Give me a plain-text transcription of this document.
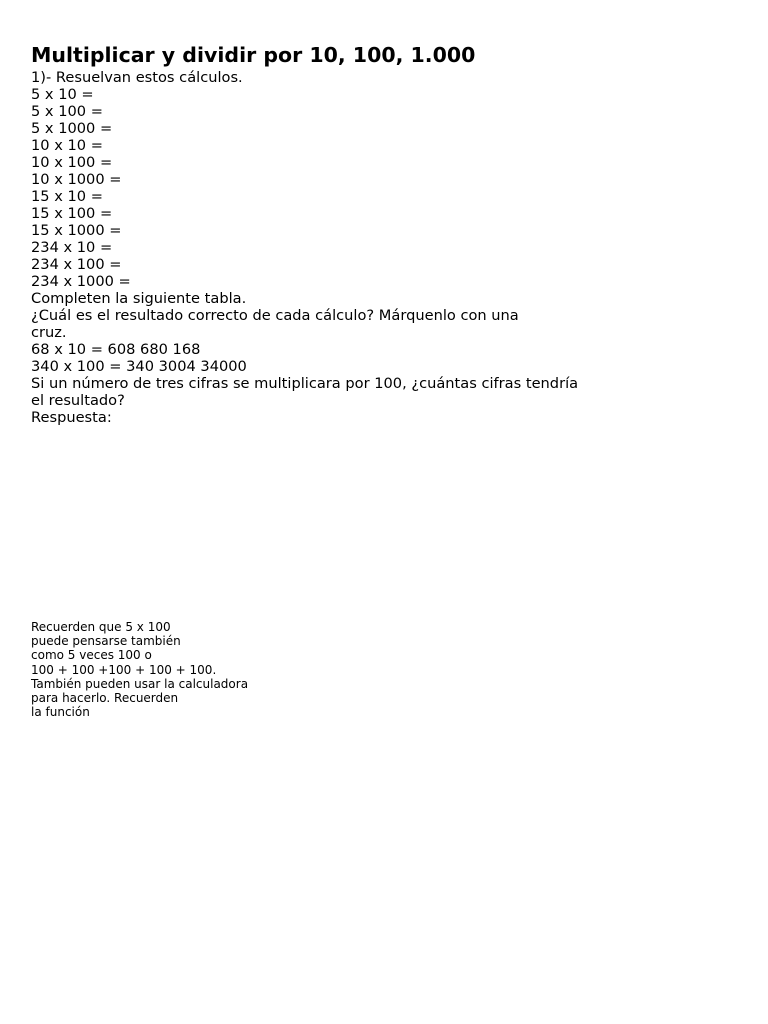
Multiplicar y dividir por 10, 100, 1.000

1)- Resuelvan estos cálculos.

5 x 10 =

5 x 100 =

5 x 1000 =

10 x 10 =

10 x 100 =

10 x 1000 =

15 x 10 =

15 x 100 =

15 x 1000 =

234 x 10 =

234 x 100 =

234 x 1000 =

Completen la siguiente tabla.

¿Cuál es el resultado correcto de cada cálculo? Márquenlo con una

cruz.

68 x 10 = 608 680 168

340 x 100 = 340 3004 34000

Si un número de tres cifras se multiplicara por 100, ¿cuántas cifras tendría

el resultado?

Respuesta:

Recuerden que 5 x 100

puede pensarse también

como 5 veces 100 o

100 + 100 +100 + 100 + 100.

También pueden usar la calculadora

para hacerlo. Recuerden

la función
